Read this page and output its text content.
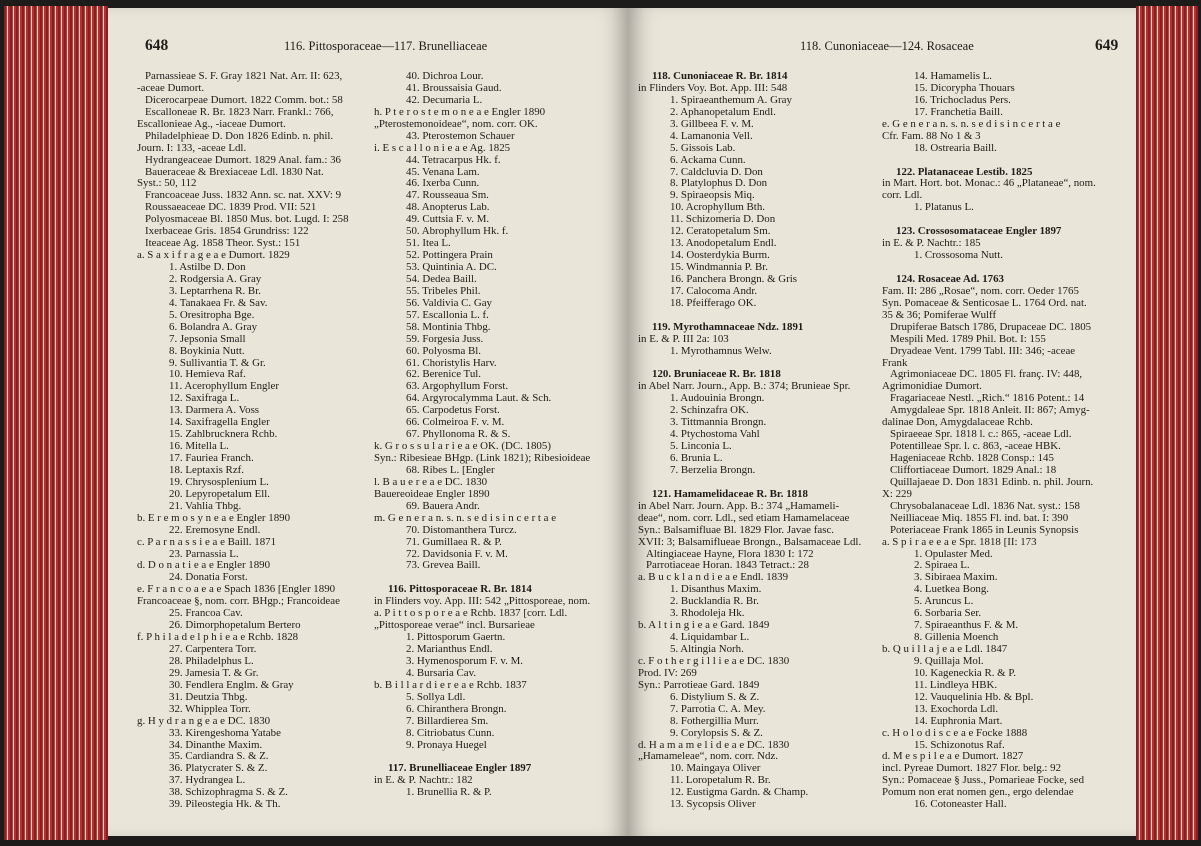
648	116. Pittosporaceae—117. Brunelliaceae
Parnassieae S. F. Gray 1821 Nat. Arr. II: 623,
-aceae Dumort.
Dicerocarpeae Dumort. 1822 Comm. bot.: 58
Escalloneae R. Br. 1823 Narr. Frankl.: 766,
Escallonieae Ag., -iaceae Dumort.
Philadelphieae D. Don 1826 Edinb. n. phil.
Journ. I: 133, -aceae Ldl.
Hydrangeaceae Dumort. 1829 Anal. fam.: 36
Baueraceae & Brexiaceae Ldl. 1830 Nat.
Syst.: 50, 112
Francoaceae Juss. 1832 Ann. sc. nat. XXV: 9
Roussaeaceae DC. 1839 Prod. VII: 521
Polyosmaceae Bl. 1850 Mus. bot. Lugd. I: 258
Ixerbaceae Gris. 1854 Grundriss: 122
Iteaceae Ag. 1858 Theor. Syst.: 151
a. S a x i f r a g e a e Dumort. 1829
1. Astilbe D. Don
2. Rodgersia A. Gray
3. Leptarrhena R. Br.
4. Tanakaea Fr. & Sav.
5. Oresitropha Bge.
6. Bolandra A. Gray
7. Jepsonia Small
8. Boykinia Nutt.
9. Sullivantia T. & Gr.
10. Hemieva Raf.
11. Acerophyllum Engler
12. Saxifraga L.
13. Darmera A. Voss
14. Saxifragella Engler
15. Zahlbrucknera Rchb.
16. Mitella L.
17. Fauriea Franch.
18. Leptaxis Rzf.
19. Chrysosplenium L.
20. Lepyropetalum Ell.
21. Vahlia Thbg.
b. E r e m o s y n e a e Engler 1890
22. Eremosyne Endl.
c. P a r n a s s i e a e Baill. 1871
23. Parnassia L.
d. D o n a t i e a e Engler 1890
24. Donatia Forst.
e. F r a n c o a e a e Spach 1836 [Engler 1890
Francoaceae §, nom. corr. BHgp.; Francoideae
25. Francoa Cav.
26. Dimorphopetalum Bertero
f. P h i l a d e l p h i e a e Rchb. 1828
27. Carpentera Torr.
28. Philadelphus L.
29. Jamesia T. & Gr.
30. Fendlera Englm. & Gray
31. Deutzia Thbg.
32. Whipplea Torr.
g. H y d r a n g e a e DC. 1830
33. Kirengeshoma Yatabe
34. Dinanthe Maxim.
35. Cardiandra S. & Z.
36. Platycrater S. & Z.
37. Hydrangea L.
38. Schizophragma S. & Z.
39. Pileostegia Hk. & Th.
40. Dichroa Lour.
41. Broussaisia Gaud.
42. Decumaria L.
h. P t e r o s t e m o n e a e Engler 1890
„Pterostemonoideae“, nom. corr. OK.
43. Pterostemon Schauer
i. E s c a l l o n i e a e Ag. 1825
44. Tetracarpus Hk. f.
45. Venana Lam.
46. Ixerba Cunn.
47. Rousseaua Sm.
48. Anopterus Lab.
49. Cuttsia F. v. M.
50. Abrophyllum Hk. f.
51. Itea L.
52. Pottingera Prain
53. Quintinia A. DC.
54. Dedea Baill.
55. Tribeles Phil.
56. Valdivia C. Gay
57. Escallonia L. f.
58. Montinia Thbg.
59. Forgesia Juss.
60. Polyosma Bl.
61. Choristylis Harv.
62. Berenice Tul.
63. Argophyllum Forst.
64. Argyrocalymma Laut. & Sch.
65. Carpodetus Forst.
66. Colmeiroa F. v. M.
67. Phyllonoma R. & S.
k. G r o s s u l a r i e a e OK. (DC. 1805)
Syn.: Ribesieae BHgp. (Link 1821); Ribesioideae
68. Ribes L. [Engler
l. B a u e r e a e DC. 1830
Bauereoideae Engler 1890
69. Bauera Andr.
m. G e n e r a n. s. n. s e d i s i n c e r t a e
70. Distomanthera Turcz.
71. Gumillaea R. & P.
72. Davidsonia F. v. M.
73. Grevea Baill.
116. Pittosporaceae R. Br. 1814
in Flinders voy. App. III: 542 „Pittosporeae, nom.
a. P i t t o s p o r e a e Rchb. 1837 [corr. Ldl.
„Pittosporeae verae“ incl. Bursarieae
1. Pittosporum Gaertn.
2. Marianthus Endl.
3. Hymenosporum F. v. M.
4. Bursaria Cav.
b. B i l l a r d i e r e a e Rchb. 1837
5. Sollya Ldl.
6. Chiranthera Brongn.
7. Billardierea Sm.
8. Citriobatus Cunn.
9. Pronaya Huegel
117. Brunelliaceae Engler 1897
in E. & P. Nachtr.: 182
1. Brunellia R. & P.
118. Cunoniaceae—124. Rosaceae	649
118. Cunoniaceae R. Br. 1814
in Flinders Voy. Bot. App. III: 548
1. Spiraeanthemum A. Gray
2. Aphanopetalum Endl.
3. Gillbeea F. v. M.
4. Lamanonia Vell.
5. Gissois Lab.
6. Ackama Cunn.
7. Caldcluvia D. Don
8. Platylophus D. Don
9. Spiraeopsis Miq.
10. Acrophyllum Bth.
11. Schizomeria D. Don
12. Ceratopetalum Sm.
13. Anodopetalum Endl.
14. Oosterdykia Burm.
15. Windmannia P. Br.
16. Panchera Brongn. & Gris
17. Calocoma Andr.
18. Pfeifferago OK.
119. Myrothamnaceae Ndz. 1891
in E. & P. III 2a: 103
1. Myrothamnus Welw.
120. Bruniaceae R. Br. 1818
in Abel Narr. Journ., App. B.: 374; Brunieae Spr.
1. Audouinia Brongn.
2. Schinzafra OK.
3. Tittmannia Brongn.
4. Ptychostoma Vahl
5. Linconia L.
6. Brunia L.
7. Berzelia Brongn.
121. Hamamelidaceae R. Br. 1818
in Abel Narr. Journ. App. B.: 374 „Hamameli-
deae“, nom. corr. Ldl., sed etiam Hamamelaceae
Syn.: Balsamifluae Bl. 1829 Flor. Javae fasc.
XVII: 3; Balsamiflueae Brongn., Balsamaceae Ldl.
Altingiaceae Hayne, Flora 1830 I: 172
Parrotiaceae Horan. 1843 Tetract.: 28
a. B u c k l a n d i e a e Endl. 1839
1. Disanthus Maxim.
2. Bucklandia R. Br.
3. Rhodoleja Hk.
b. A l t i n g i e a e Gard. 1849
4. Liquidambar L.
5. Altingia Norh.
c. F o t h e r g i l l i e a e DC. 1830
Prod. IV: 269
Syn.: Parrotieae Gard. 1849
6. Distylium S. & Z.
7. Parrotia C. A. Mey.
8. Fothergillia Murr.
9. Corylopsis S. & Z.
d. H a m a m e l i d e a e DC. 1830
„Hamameleae“, nom. corr. Ndz.
10. Maingaya Oliver
11. Loropetalum R. Br.
12. Eustigma Gardn. & Champ.
13. Sycopsis Oliver
14. Hamamelis L.
15. Dicoryphа Thouars
16. Trichocladus Pers.
17. Franchetia Baill.
e. G e n e r a n. s. n. s e d i s i n c e r t a e
Cfr. Fam. 88 No 1 & 3
18. Ostrearia Baill.
122. Platanaceae Lestib. 1825
in Mart. Hort. bot. Monac.: 46 „Plataneae“, nom.
corr. Ldl.
1. Platanus L.
123. Crossosomataceae Engler 1897
in E. & P. Nachtr.: 185
1. Crossosoma Nutt.
124. Rosaceae Ad. 1763
Fam. II: 286 „Rosae“, nom. corr. Oeder 1765
Syn. Pomaceae & Senticosae L. 1764 Ord. nat.
35 & 36; Pomiferae Wulff
Drupiferae Batsch 1786, Drupaceae DC. 1805
Mespili Med. 1789 Phil. Bot. I: 155
Dryadeae Vent. 1799 Tabl. III: 346; -aceae
Frank
Agrimoniaceae DC. 1805 Fl. franç. IV: 448,
Agrimonidiae Dumort.
Fragariaceae Nestl. „Rich.“ 1816 Potent.: 14
Amygdaleae Spr. 1818 Anleit. II: 867; Amyg-
dalinae Don, Amygdalaceae Rchb.
Spiraeeae Spr. 1818 l. c.: 865, -aceae Ldl.
Potentilleae Spr. l. c. 863, -aceae HBK.
Hageniaceae Rchb. 1828 Consp.: 145
Cliffortiaceae Dumort. 1829 Anal.: 18
Quillajaeae D. Don 1831 Edinb. n. phil. Journ.
X: 229
Chrysobalanaceae Ldl. 1836 Nat. syst.: 158
Neilliaceae Miq. 1855 Fl. ind. bat. I: 390
Poteriaceae Frank 1865 in Leunis Synopsis
a. S p i r a e e a e Spr. 1818 [II: 173
1. Opulaster Med.
2. Spiraea L.
3. Sibiraea Maxim.
4. Luetkea Bong.
5. Aruncus L.
6. Sorbaria Ser.
7. Spiraeanthus F. & M.
8. Gillenia Moench
b. Q u i l l a j e a e Ldl. 1847
9. Quillaja Mol.
10. Kageneckia R. & P.
11. Lindleya HBK.
12. Vauquelinia Hb. & Bpl.
13. Exochorda Ldl.
14. Euphronia Mart.
c. H o l o d i s c e a e Focke 1888
15. Schizonotus Raf.
d. M e s p i l e a e Dumort. 1827
incl. Pyreae Dumort. 1827 Flor. belg.: 92
Syn.: Pomaceae § Juss., Pomarieae Focke, sed
Pomum non erat nomen gen., ergo delendae
16. Cotoneaster Hall.
